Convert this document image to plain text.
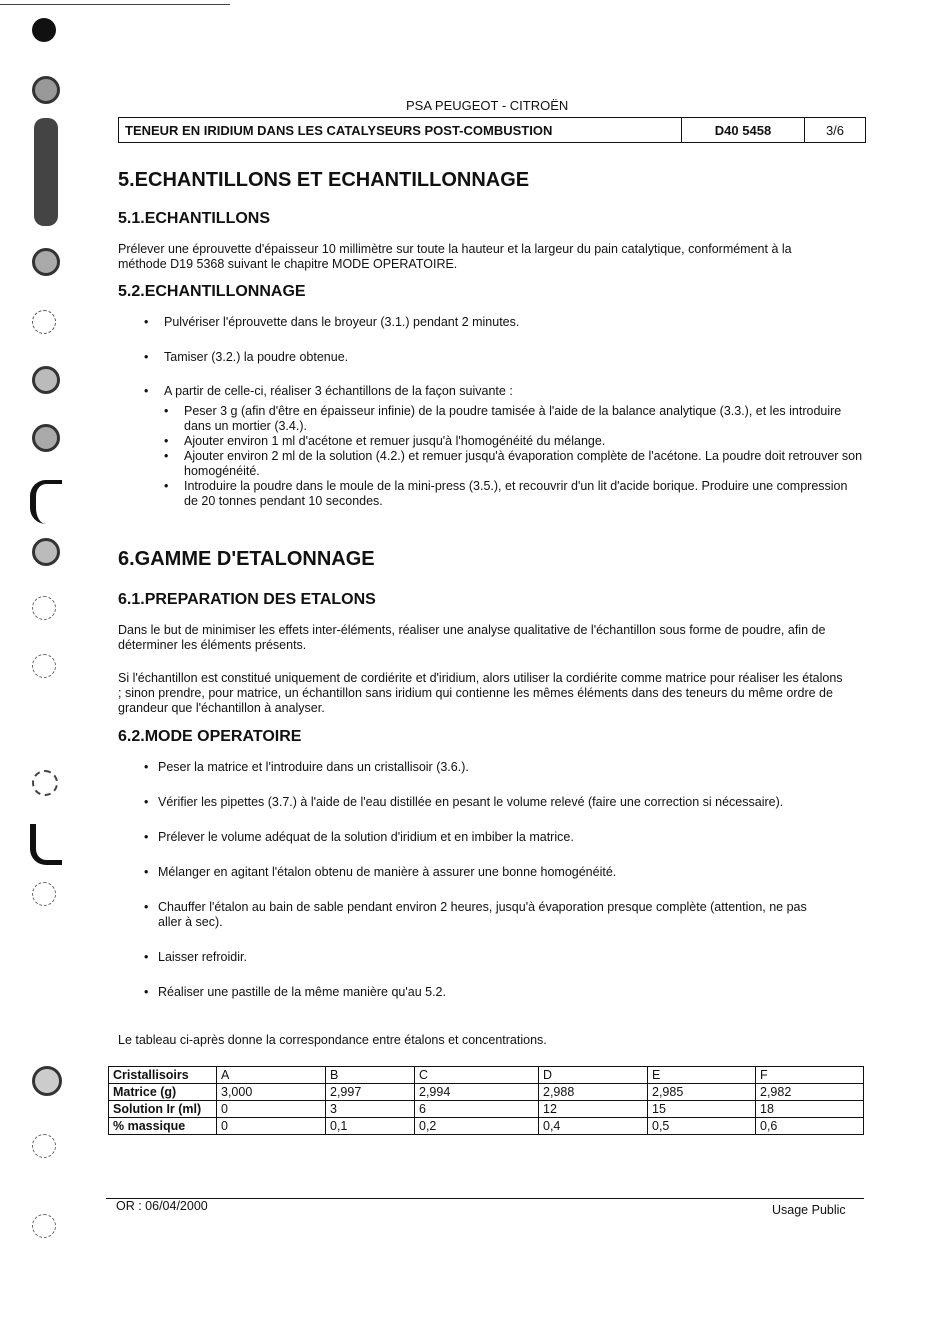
PSA PEUGEOT - CITROËN
TENEUR EN IRIDIUM DANS LES CATALYSEURS POST-COMBUSTION	D40 5458	3/6
5.ECHANTILLONS ET ECHANTILLONNAGE
5.1.ECHANTILLONS

Prélever une éprouvette d'épaisseur 10 millimètre sur toute la hauteur et la largeur du pain catalytique, conformément à la méthode D19 5368 suivant le chapitre MODE OPERATOIRE.

5.2.ECHANTILLONNAGE
• Pulvériser l'éprouvette dans le broyeur (3.1.) pendant 2 minutes.
• Tamiser (3.2.) la poudre obtenue.
• A partir de celle-ci, réaliser 3 échantillons de la façon suivante :
• Peser 3 g (afin d'être en épaisseur infinie) de la poudre tamisée à l'aide de la balance analytique (3.3.), et les introduire dans un mortier (3.4.).
• Ajouter environ 1 ml d'acétone et remuer jusqu'à l'homogénéité du mélange.
• Ajouter environ 2 ml de la solution (4.2.) et remuer jusqu'à évaporation complète de l'acétone. La poudre doit retrouver son homogénéité.
• Introduire la poudre dans le moule de la mini-press (3.5.), et recouvrir d'un lit d'acide borique. Produire une compression de 20 tonnes pendant 10 secondes.
6.GAMME D'ETALONNAGE
6.1.PREPARATION DES ETALONS

Dans le but de minimiser les effets inter-éléments, réaliser une analyse qualitative de l'échantillon sous forme de poudre, afin de déterminer les éléments présents.

Si l'échantillon est constitué uniquement de cordiérite et d'iridium, alors utiliser la cordiérite comme matrice pour réaliser les étalons ; sinon prendre, pour matrice, un échantillon sans iridium qui contienne les mêmes éléments dans des teneurs du même ordre de grandeur que l'échantillon à analyser.

6.2.MODE OPERATOIRE
• Peser la matrice et l'introduire dans un cristallisoir (3.6.).
• Vérifier les pipettes (3.7.) à l'aide de l'eau distillée en pesant le volume relevé (faire une correction si nécessaire).
• Prélever le volume adéquat de la solution d'iridium et en imbiber la matrice.
• Mélanger en agitant l'étalon obtenu de manière à assurer une bonne homogénéité.
• Chauffer l'étalon au bain de sable pendant environ 2 heures, jusqu'à évaporation presque complète (attention, ne pas aller à sec).
• Laisser refroidir.
• Réaliser une pastille de la même manière qu'au 5.2.

Le tableau ci-après donne la correspondance entre étalons et concentrations.

Cristallisoirs	A	B	C	D	E	F
Matrice (g)	3,000	2,997	2,994	2,988	2,985	2,982
Solution Ir (ml)	0	3	6	12	15	18
% massique	0	0,1	0,2	0,4	0,5	0,6
OR : 06/04/2000	Usage Public
